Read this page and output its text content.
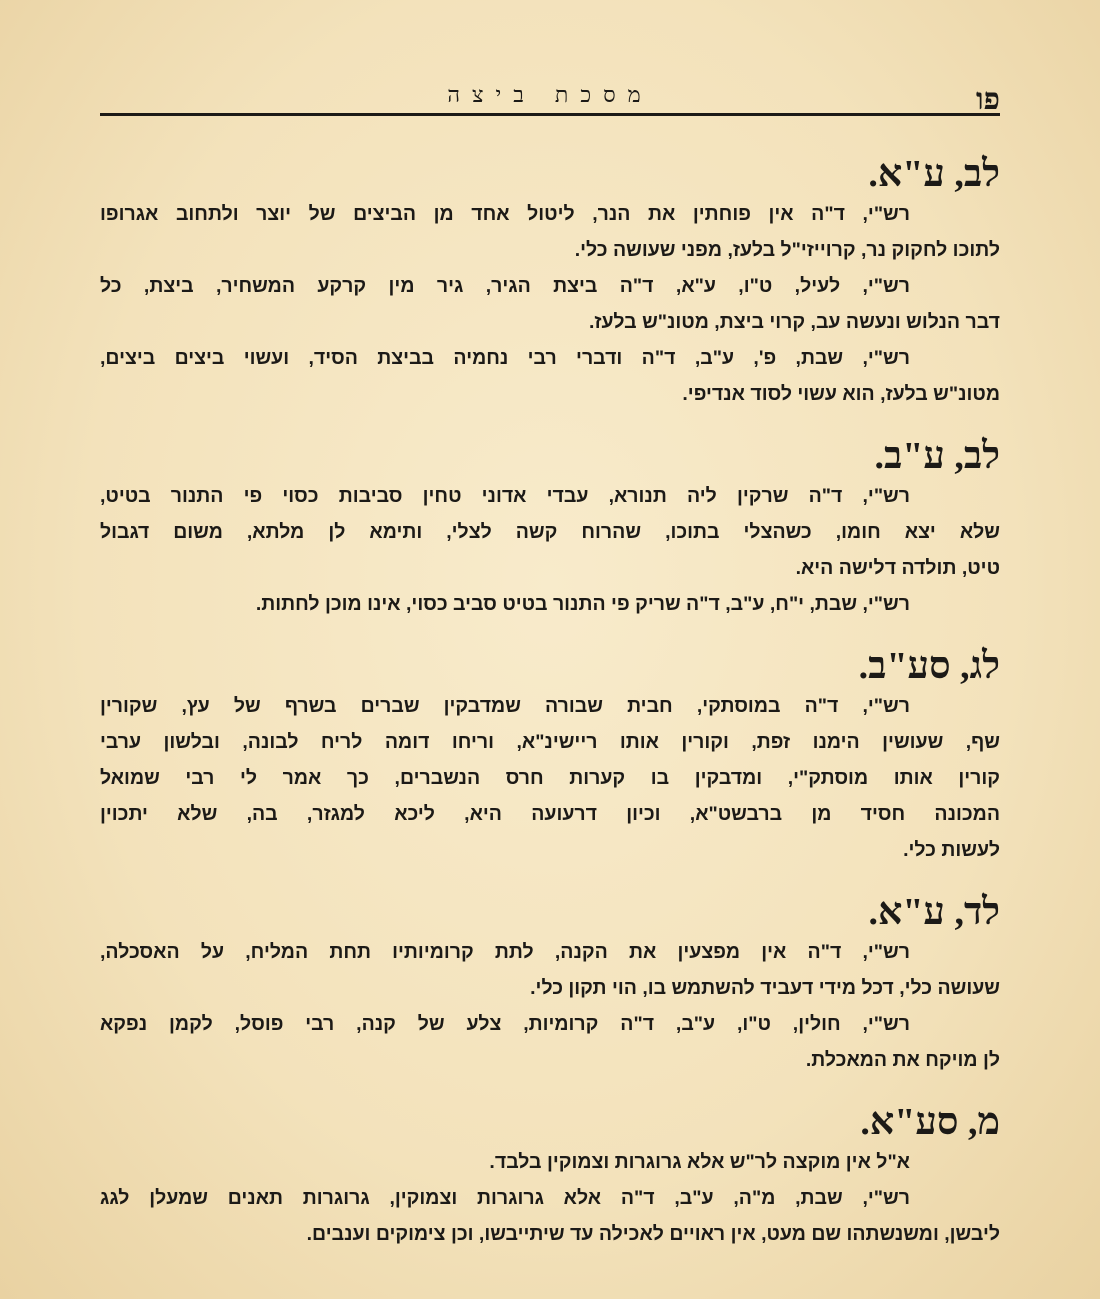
פו
מסכת ביצה
לב, ע"א.
רש"י, ד"ה אין פוחתין את הנר, ליטול אחד מן הביצים של יוצר ולתחוב אגרופו
לתוכו לחקוק נר, קרוייזי"ל בלעז, מפני שעושה כלי.
רש"י, לעיל, ט"ו, ע"א, ד"ה ביצת הגיר, גיר מין קרקע המשחיר, ביצת, כל
דבר הנלוש ונעשה עב, קרוי ביצת, מטונ"ש בלעז.
רש"י, שבת, פ', ע"ב, ד"ה ודברי רבי נחמיה בביצת הסיד, ועשוי ביצים ביצים,
מטונ"ש בלעז, הוא עשוי לסוד אנדיפי.
לב, ע"ב.
רש"י, ד"ה שרקין ליה תנורא, עבדי אדוני טחין סביבות כסוי פי התנור בטיט,
שלא יצא חומו, כשהצלי בתוכו, שהרוח קשה לצלי, ותימא לן מלתא, משום דגבול
טיט, תולדה דלישה היא.
רש"י, שבת, י"ח, ע"ב, ד"ה שריק פי התנור בטיט סביב כסוי, אינו מוכן לחתות.
לג, סע"ב.
רש"י, ד"ה במוסתקי, חבית שבורה שמדבקין שברים בשרף של עץ, שקורין
שף, שעושין הימנו זפת, וקורין אותו ריישינ"א, וריחו דומה לריח לבונה, ובלשון ערבי
קורין אותו מוסתק"י, ומדבקין בו קערות חרס הנשברים, כך אמר לי רבי שמואל
המכונה חסיד מן ברבשט"א, וכיון דרעועה היא, ליכא למגזר, בה, שלא יתכוין
לעשות כלי.
לד, ע"א.
רש"י, ד"ה אין מפצעין את הקנה, לתת קרומיותיו תחת המליח, על האסכלה,
שעושה כלי, דכל מידי דעביד להשתמש בו, הוי תקון כלי.
רש"י, חולין, ט"ו, ע"ב, ד"ה קרומיות, צלע של קנה, רבי פוסל, לקמן נפקא
לן מויקח את המאכלת.
מ, סע"א.
א"ל אין מוקצה לר"ש אלא גרוגרות וצמוקין בלבד.
רש"י, שבת, מ"ה, ע"ב, ד"ה אלא גרוגרות וצמוקין, גרוגרות תאנים שמעלן לגג
ליבשן, ומשנשתהו שם מעט, אין ראויים לאכילה עד שיתייבשו, וכן צימוקים וענבים.
